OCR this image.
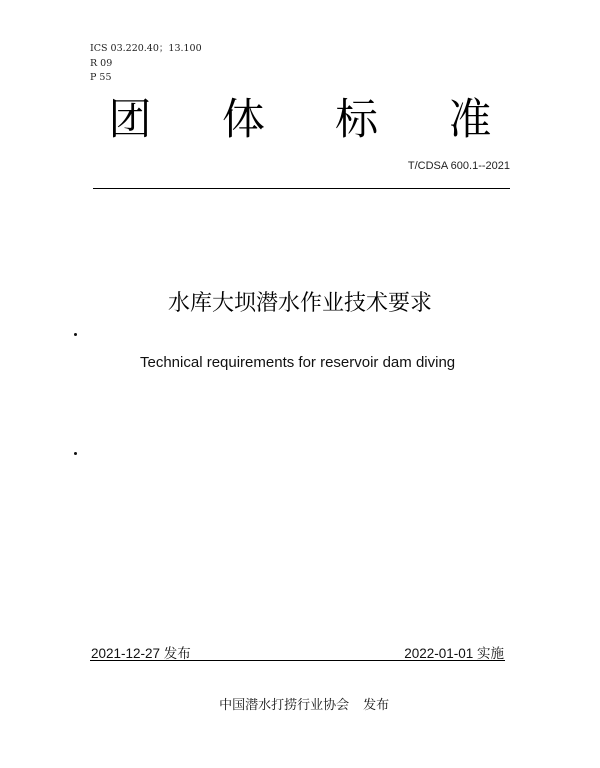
ICS 03.220.40；13.100
R 09
P 55
团 体 标 准
T/CDSA 600.1--2021
水库大坝潜水作业技术要求
Technical requirements for reservoir dam diving
2021-12-27 发布	2022-01-01 实施

中国潜水打捞行业协会 发布
